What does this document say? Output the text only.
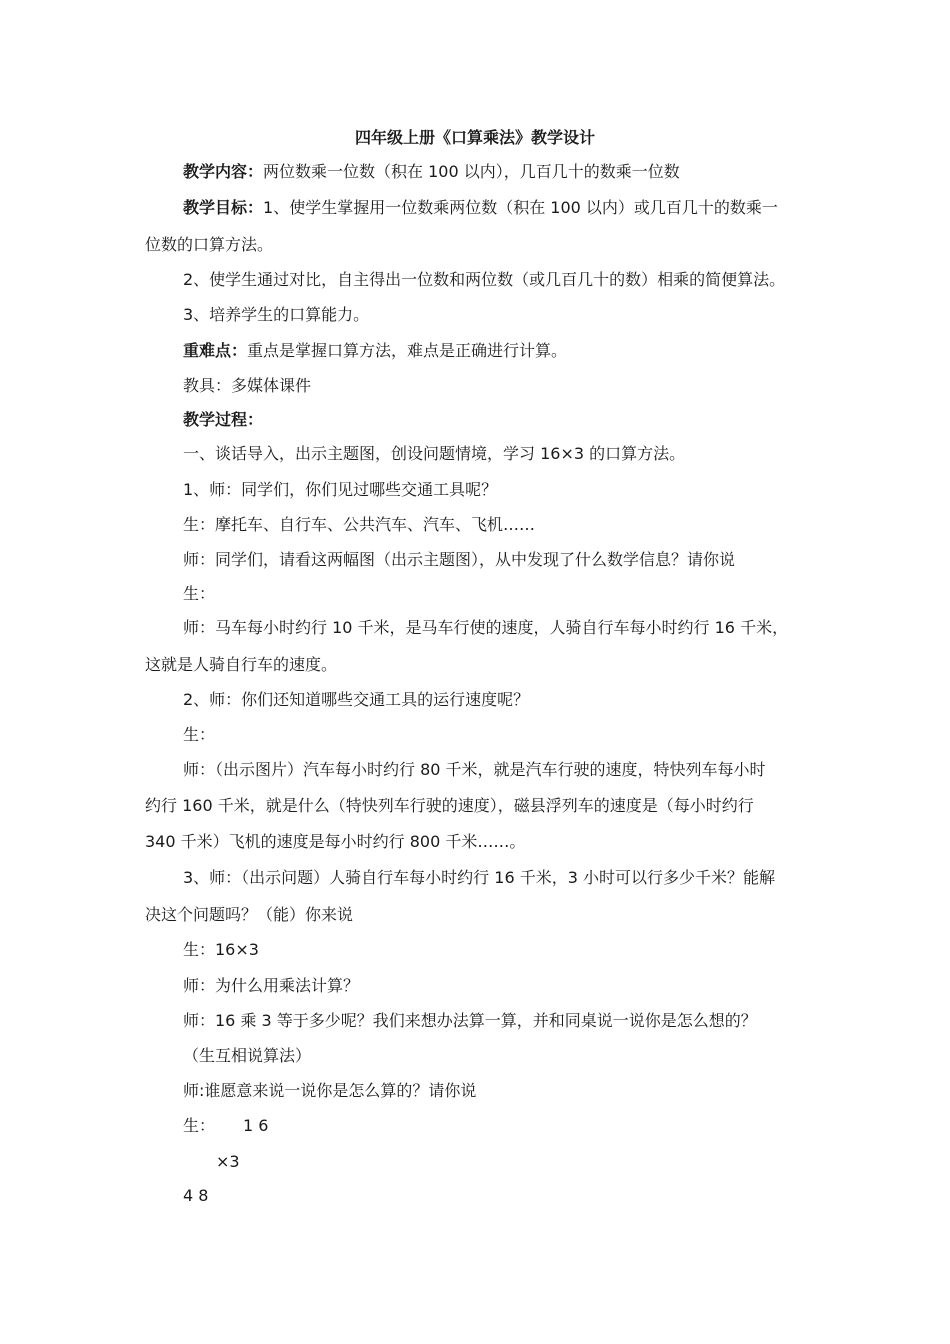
四年级上册《口算乘法》教学设计
教学内容：两位数乘一位数（积在 100 以内），几百几十的数乘一位数
教学目标：1、使学生掌握用一位数乘两位数（积在 100 以内）或几百几十的数乘一
位数的口算方法。
2、使学生通过对比，自主得出一位数和两位数（或几百几十的数）相乘的简便算法。
3、培养学生的口算能力。
重难点：重点是掌握口算方法，难点是正确进行计算。
教具：多媒体课件
教学过程：
一、谈话导入，出示主题图，创设问题情境，学习 16×3 的口算方法。
1、师：同学们，你们见过哪些交通工具呢？
生：摩托车、自行车、公共汽车、汽车、飞机……
师：同学们，请看这两幅图（出示主题图），从中发现了什么数学信息？请你说
生：
师：马车每小时约行 10 千米，是马车行使的速度，人骑自行车每小时约行 16 千米，
这就是人骑自行车的速度。
2、师：你们还知道哪些交通工具的运行速度呢？
生：
师：（出示图片）汽车每小时约行 80 千米，就是汽车行驶的速度，特快列车每小时
约行 160 千米，就是什么（特快列车行驶的速度），磁县浮列车的速度是（每小时约行
340 千米）飞机的速度是每小时约行 800 千米……。
3、师：（出示问题）人骑自行车每小时约行 16 千米，3 小时可以行多少千米？能解
决这个问题吗？（能）你来说
生：16×3
师：为什么用乘法计算？
师：16 乘 3 等于多少呢？我们来想办法算一算，并和同桌说一说你是怎么想的？
（生互相说算法）
师:谁愿意来说一说你是怎么算的？请你说
生： 1 6
×3
4 8
